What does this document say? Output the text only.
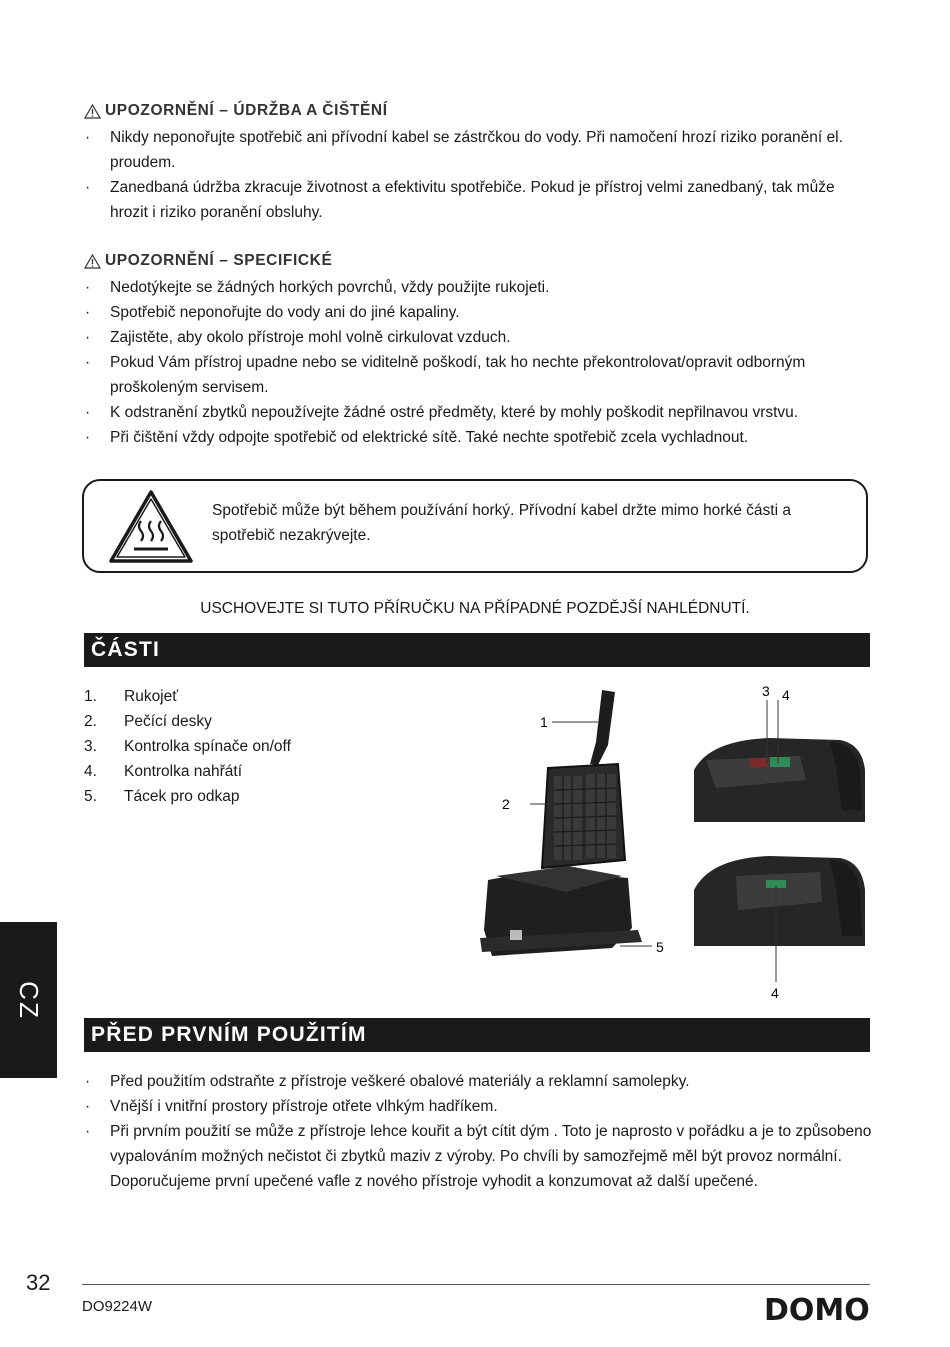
UPOZORNĚNÍ – ÚDRŽBA A ČIŠTĚNÍ
· Nikdy neponořujte spotřebič ani přívodní kabel se zástrčkou do vody. Při namočení hrozí riziko poranění el. proudem.
· Zanedbaná údržba zkracuje životnost a efektivitu spotřebiče. Pokud je přístroj velmi zanedbaný, tak může hrozit i riziko poranění obsluhy.
UPOZORNĚNÍ – SPECIFICKÉ
· Nedotýkejte se žádných horkých povrchů, vždy použijte rukojeti.
· Spotřebič neponořujte do vody ani do jiné kapaliny.
· Zajistěte, aby okolo přístroje mohl volně cirkulovat vzduch.
· Pokud Vám přístroj upadne nebo se viditelně poškodí, tak ho nechte překontrolovat/opravit odborným proškoleným servisem.
· K odstranění zbytků nepoužívejte žádné ostré předměty, které by mohly poškodit nepřilnavou vrstvu.
· Při čištění vždy odpojte spotřebič od elektrické sítě. Také nechte spotřebič zcela vychladnout.
Spotřebič může být během používání horký. Přívodní kabel držte mimo horké části a spotřebič nezakrývejte.
USCHOVEJTE SI TUTO PŘÍRUČKU NA PŘÍPADNÉ POZDĚJŠÍ NAHLÉDNUTÍ.
ČÁSTI
1.	Rukojeť
2.	Pečící desky
3.	Kontrolka spínače on/off
4.	Kontrolka nahřátí
5.	Tácek pro odkap
1
2
3 4
5
4
CZ
PŘED PRVNÍM POUŽITÍM
· Před použitím odstraňte z přístroje veškeré obalové materiály a reklamní samolepky.
· Vnější i vnitřní prostory přístroje otřete vlhkým hadříkem.
· Při prvním použití se může z přístroje lehce kouřit a být cítit dým . Toto je naprosto v pořádku a je to způsobeno vypalováním možných nečistot či zbytků maziv z výroby. Po chvíli by samozřejmě měl být provoz normální. Doporučujeme první upečené vafle z nového přístroje vyhodit a konzumovat až další upečené.
32
DO9224W	DOMO
